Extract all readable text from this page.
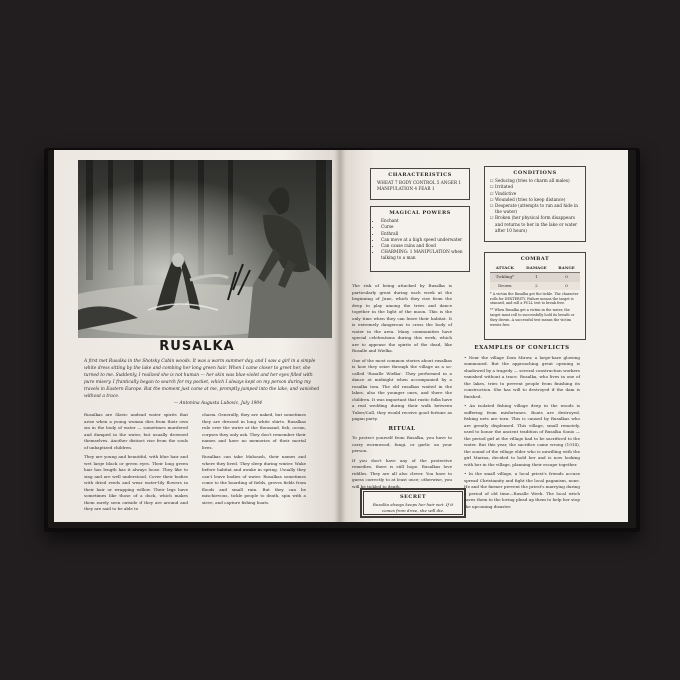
RUSALKA
A first met Rusalka in the Shotsky Cabin woods. It was a warm summer day, and I saw a girl in a simple white dress sitting by the lake and combing her long green hair. When I came closer to greet her, she turned to me. Suddenly, I realized she is not human — her skin was blue-violet and her eyes filled with pure misery. I frantically began to search for my pocket, which I always kept on my person during my travels in Eastern Europe. But the moment just came at me, promptly jumped into the lake, and vanished without a trace.
— Antonina Augusta Lubovic, July 1904

Rusalkas are Slavic undead water spirits that arise when a young woman dies from their own sin in the body of water — sometimes murdered and dumped in the water, but usually drowned themselves. Another distinct rise from the souls of unbaptized children.

They are young and beautiful, with blue hair and wet large black or green eyes. Their long green hair has length has it always loose. They like to sing and are well understood. Cover their bodies with dried reeds and wear water-lily flowers in their hair or wrapping willow. Their legs have sometimes like those of a duck, which makes them rarely seen outside if they are around and they are said to be able to

charm. Generally, they are naked, but sometimes they are dressed in long white shirts. Rusalkas rule over the water at the thousand, fish, ocean, corpses they only ask. They don't remember their names and have no memories of their mortal lives.

Rusalkas can take Mahoush, their names and where they lived. They sleep during winter. Wake before habitat and awake in spring. Usually they can't leave bodies of water. Rusalkas sometimes come to the boarding of fields, groves fields from floods and small rain. But they can be mischievous, tickle people to death, spin with a sieve, and capture fishing boats.

CHARACTERISTICS
WHEAT 7 BODY CONTROL 5 ANGER 1
MANIPULATION 4 FEAR 1
MAGICAL POWERS
• Enchant
• Curse
• Enthrall
• Can move at a high speed underwater
• Can cause rains and flood
• CHARMING: 1 MANIPULATION when talking to a man
CONDITIONS
☐ Seducing (tries to charm all males)
☐ Irritated
☐ Vindictive
☐ Wounded (tries to keep distance)
☐ Desperate (attempts to run and hide in the water)
☐ Broken (her physical form disappears and returns to her in the lake or water after 10 hours)
COMBAT
ATTACK	DAMAGE	RANGE
Tickling*	1	0
Drown	2	0
* A victim the Rusalka get the tickle. The character rolls for DEXTERITY. Failure means the target is stunned, and roll a PULL test to break free.
** When Rusalka get a victim in the water, the target must roll to successfully hold its breath or they drown. A successful test means the victim wrests free.

The risk of being attacked by Rusalka is particularly great during each week at the beginning of June, which they rise from the deep to play among the trees and dance together in the light of the moon. This is the only time when they can leave their habitat. It is extremely dangerous to cross the body of water in the area. Many communities have special celebrations during this week, which are to appease the spirits of the dead, like Rusalle and Wielka.

One of the most common stories about rusalkas is how they seize through the village as a so-called 'Rusalle Wielka'. They performed in a dance at midnight when accompanied by a rusalka tom. The old rusalkas waited in the lakes, also the younger ones, and there the children. It was important that rustic folks have a real wedding during their walk between Tuber/Call, they would receive good fortune as pagan party.

RITUAL

To protect yourself from Rusalka, you have to carry wormwood, fungi, or garlic on your person.

If you don't have any of the protective remedies, there is still hope. Rusalkas love riddles. They are all also clever. You have to guess correctly to at least once; otherwise, you will be tickled to death.

SECRET
Rusalka always keeps her hair wet. If it comes from drive, she will die.
EXAMPLES OF CONFLICTS

• Near the village Dom Mirow, a large-haze glowing summoned. But the approaching great opening is shadowed by a tragedy — several construction workers vanished without a trace. Rusalka, who lives in one of the lakes, tries to prevent people from finishing its construction. She has will to destroyed if the dam is finished.

• An isolated fishing village deep in the woods is suffering from misfortunes. Boats are destroyed, fishing nets are torn. This is caused by Rusalkas who are greatly displeased. This village, small remotely, used to honor the ancient tradition of Rusalka Sonio — the period girl at the village had to be sacrificed to the water. But this year, the sacrifice came wrong (1914), the sound of the village elder who is unwilling with the girl Marina, decided to hold her and is now looking with her in the village, planning their escape together.

• In the small village, a local priest's friends accuse spread Christianity and fight the local paganism, none. He and the farmer prevent the priest's marrying during a period of old time—Rusalle Week. The local witch saves them to the loving plead up them to help her stop the upcoming disaster.
